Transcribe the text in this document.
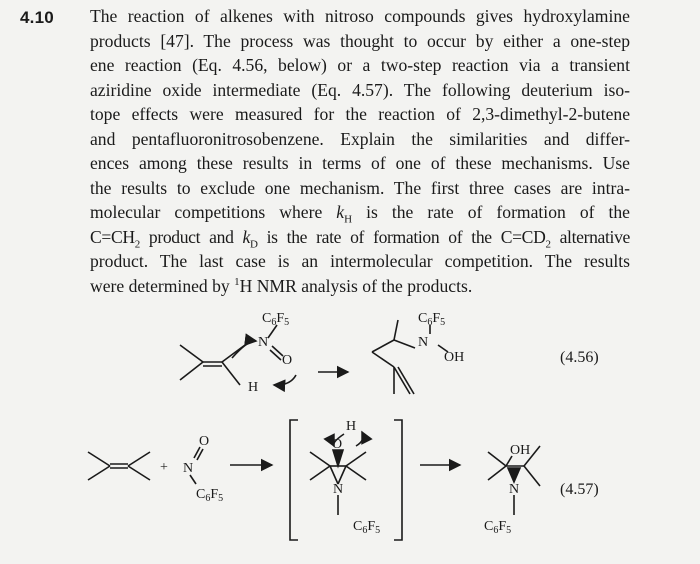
4.10 The reaction of alkenes with nitroso compounds gives hydroxylamine
products [47]. The process was thought to occur by either a one-step
ene reaction (Eq. 4.56, below) or a two-step reaction via a transient
aziridine oxide intermediate (Eq. 4.57). The following deuterium iso-
tope effects were measured for the reaction of 2,3-dimethyl-2-butene
and pentafluoronitrosobenzene. Explain the similarities and differ-
ences among these results in terms of one of these mechanisms. Use
the results to exclude one mechanism. The first three cases are intra-
molecular competitions where $k_H$ is the rate of formation of the
$C=CH_2$ product and $k_D$ is the rate of formation of the $C=CD_2$ alternative
product. The last case is an intermolecular competition. The results
were determined by $^1$H NMR analysis of the products.
$C_6F_5$
N
O
H
$C_6F_5$
N
OH	(4.56)
+
O
N
$C_6F_5$
H
O
N
$C_6F_5$
OH
N
$C_6F_5$
(4.57)
